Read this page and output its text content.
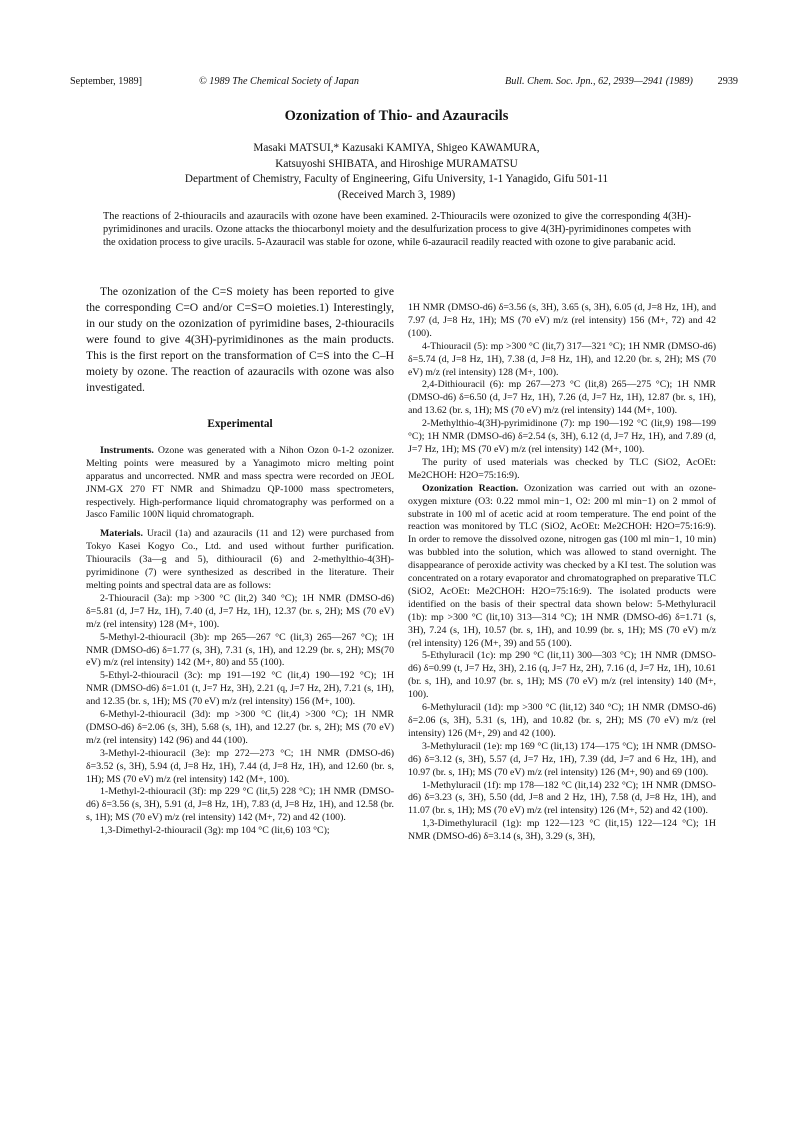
September, 1989]	© 1989 The Chemical Society of Japan	Bull. Chem. Soc. Jpn., 62, 2939—2941 (1989) 2939
Ozonization of Thio- and Azauracils
Masaki MATSUI,* Kazusaki KAMIYA, Shigeo KAWAMURA,
Katsuyoshi SHIBATA, and Hiroshige MURAMATSU
Department of Chemistry, Faculty of Engineering, Gifu University, 1-1 Yanagido, Gifu 501-11
(Received March 3, 1989)
The reactions of 2-thiouracils and azauracils with ozone have been examined. 2-Thiouracils were ozonized to give the corresponding 4(3H)-pyrimidinones and uracils. Ozone attacks the thiocarbonyl moiety and the desulfurization process to give 4(3H)-pyrimidinones competes with the oxidation process to give uracils. 5-Azauracil was stable for ozone, while 6-azauracil readily reacted with ozone to give parabanic acid.

The ozonization of the C=S moiety has been reported to give the corresponding C=O and/or C=S=O moieties.1) Interestingly, in our study on the ozonization of pyrimidine bases, 2-thiouracils were found to give 4(3H)-pyrimidinones as the main products. This is the first report on the transformation of C=S into the C–H moiety by ozone. The reaction of azauracils with ozone was also investigated.

Experimental

Instruments. Ozone was generated with a Nihon Ozon 0-1-2 ozonizer. Melting points were measured by a Yanagimoto micro melting point apparatus and uncorrected. NMR and mass spectra were recorded on JEOL JNM-GX 270 FT NMR and Shimadzu QP-1000 mass spectrometers, respectively. High-performance liquid chromatography was performed on a Jasco Familic 100N liquid chromatograph.

Materials. Uracil (1a) and azauracils (11 and 12) were purchased from Tokyo Kasei Kogyo Co., Ltd. and used without further purification. Thiouracils (3a—g and 5), dithiouracil (6) and 2-methylthio-4(3H)-pyrimidinone (7) were synthesized as described in the literature. Their melting points and spectral data are as follows:

2-Thiouracil (3a): mp >300 °C (lit,2) 340 °C); 1H NMR (DMSO-d6) δ=5.81 (d, J=7 Hz, 1H), 7.40 (d, J=7 Hz, 1H), 12.37 (br. s, 2H); MS (70 eV) m/z (rel intensity) 128 (M+, 100).

5-Methyl-2-thiouracil (3b): mp 265—267 °C (lit,3) 265—267 °C); 1H NMR (DMSO-d6) δ=1.77 (s, 3H), 7.31 (s, 1H), and 12.29 (br. s, 2H); MS(70 eV) m/z (rel intensity) 142 (M+, 80) and 55 (100).

5-Ethyl-2-thiouracil (3c): mp 191—192 °C (lit,4) 190—192 °C); 1H NMR (DMSO-d6) δ=1.01 (t, J=7 Hz, 3H), 2.21 (q, J=7 Hz, 2H), 7.21 (s, 1H), and 12.35 (br. s, 1H); MS (70 eV) m/z (rel intensity) 156 (M+, 100).

6-Methyl-2-thiouracil (3d): mp >300 °C (lit,4) >300 °C); 1H NMR (DMSO-d6) δ=2.06 (s, 3H), 5.68 (s, 1H), and 12.27 (br. s, 2H); MS (70 eV) m/z (rel intensity) 142 (96) and 44 (100).

3-Methyl-2-thiouracil (3e): mp 272—273 °C; 1H NMR (DMSO-d6) δ=3.52 (s, 3H), 5.94 (d, J=8 Hz, 1H), 7.44 (d, J=8 Hz, 1H), and 12.60 (br. s, 1H); MS (70 eV) m/z (rel intensity) 142 (M+, 100).

1-Methyl-2-thiouracil (3f): mp 229 °C (lit,5) 228 °C); 1H NMR (DMSO-d6) δ=3.56 (s, 3H), 5.91 (d, J=8 Hz, 1H), 7.83 (d, J=8 Hz, 1H), and 12.58 (br. s, 1H); MS (70 eV) m/z (rel intensity) 142 (M+, 72) and 42 (100).

1,3-Dimethyl-2-thiouracil (3g): mp 104 °C (lit,6) 103 °C);

1H NMR (DMSO-d6) δ=3.56 (s, 3H), 3.65 (s, 3H), 6.05 (d, J=8 Hz, 1H), and 7.97 (d, J=8 Hz, 1H); MS (70 eV) m/z (rel intensity) 156 (M+, 72) and 42 (100).

4-Thiouracil (5): mp >300 °C (lit,7) 317—321 °C); 1H NMR (DMSO-d6) δ=5.74 (d, J=8 Hz, 1H), 7.38 (d, J=8 Hz, 1H), and 12.20 (br. s, 2H); MS (70 eV) m/z (rel intensity) 128 (M+, 100).

2,4-Dithiouracil (6): mp 267—273 °C (lit,8) 265—275 °C); 1H NMR (DMSO-d6) δ=6.50 (d, J=7 Hz, 1H), 7.26 (d, J=7 Hz, 1H), 12.87 (br. s, 1H), and 13.62 (br. s, 1H); MS (70 eV) m/z (rel intensity) 144 (M+, 100).

2-Methylthio-4(3H)-pyrimidinone (7): mp 190—192 °C (lit,9) 198—199 °C); 1H NMR (DMSO-d6) δ=2.54 (s, 3H), 6.12 (d, J=7 Hz, 1H), and 7.89 (d, J=7 Hz, 1H); MS (70 eV) m/z (rel intensity) 142 (M+, 100).

The purity of used materials was checked by TLC (SiO2, AcOEt: Me2CHOH: H2O=75:16:9).

Ozonization Reaction. Ozonization was carried out with an ozone-oxygen mixture (O3: 0.22 mmol min−1, O2: 200 ml min−1) on 2 mmol of substrate in 100 ml of acetic acid at room temperature. The end point of the reaction was monitored by TLC (SiO2, AcOEt: Me2CHOH: H2O=75:16:9). In order to remove the dissolved ozone, nitrogen gas (100 ml min−1, 10 min) was bubbled into the solution, which was allowed to stand overnight. The disappearance of peroxide activity was checked by a KI test. The solution was concentrated on a rotary evaporator and chromatographed on preparative TLC (SiO2, AcOEt: Me2CHOH: H2O=75:16:9). The isolated products were identified on the basis of their spectral data shown below: 5-Methyluracil (1b): mp >300 °C (lit,10) 313—314 °C); 1H NMR (DMSO-d6) δ=1.71 (s, 3H), 7.24 (s, 1H), 10.57 (br. s, 1H), and 10.99 (br. s, 1H); MS (70 eV) m/z (rel intensity) 126 (M+, 39) and 55 (100).

5-Ethyluracil (1c): mp 290 °C (lit,11) 300—303 °C); 1H NMR (DMSO-d6) δ=0.99 (t, J=7 Hz, 3H), 2.16 (q, J=7 Hz, 2H), 7.16 (d, J=7 Hz, 1H), 10.61 (br. s, 1H), and 10.97 (br. s, 1H); MS (70 eV) m/z (rel intensity) 140 (M+, 100).

6-Methyluracil (1d): mp >300 °C (lit,12) 340 °C); 1H NMR (DMSO-d6) δ=2.06 (s, 3H), 5.31 (s, 1H), and 10.82 (br. s, 2H); MS (70 eV) m/z (rel intensity) 126 (M+, 29) and 42 (100).

3-Methyluracil (1e): mp 169 °C (lit,13) 174—175 °C); 1H NMR (DMSO-d6) δ=3.12 (s, 3H), 5.57 (d, J=7 Hz, 1H), 7.39 (dd, J=7 and 6 Hz, 1H), and 10.97 (br. s, 1H); MS (70 eV) m/z (rel intensity) 126 (M+, 90) and 69 (100).

1-Methyluracil (1f): mp 178—182 °C (lit,14) 232 °C); 1H NMR (DMSO-d6) δ=3.23 (s, 3H), 5.50 (dd, J=8 and 2 Hz, 1H), 7.58 (d, J=8 Hz, 1H), and 11.07 (br. s, 1H); MS (70 eV) m/z (rel intensity) 126 (M+, 52) and 42 (100).

1,3-Dimethyluracil (1g): mp 122—123 °C (lit,15) 122—124 °C); 1H NMR (DMSO-d6) δ=3.14 (s, 3H), 3.29 (s, 3H),
